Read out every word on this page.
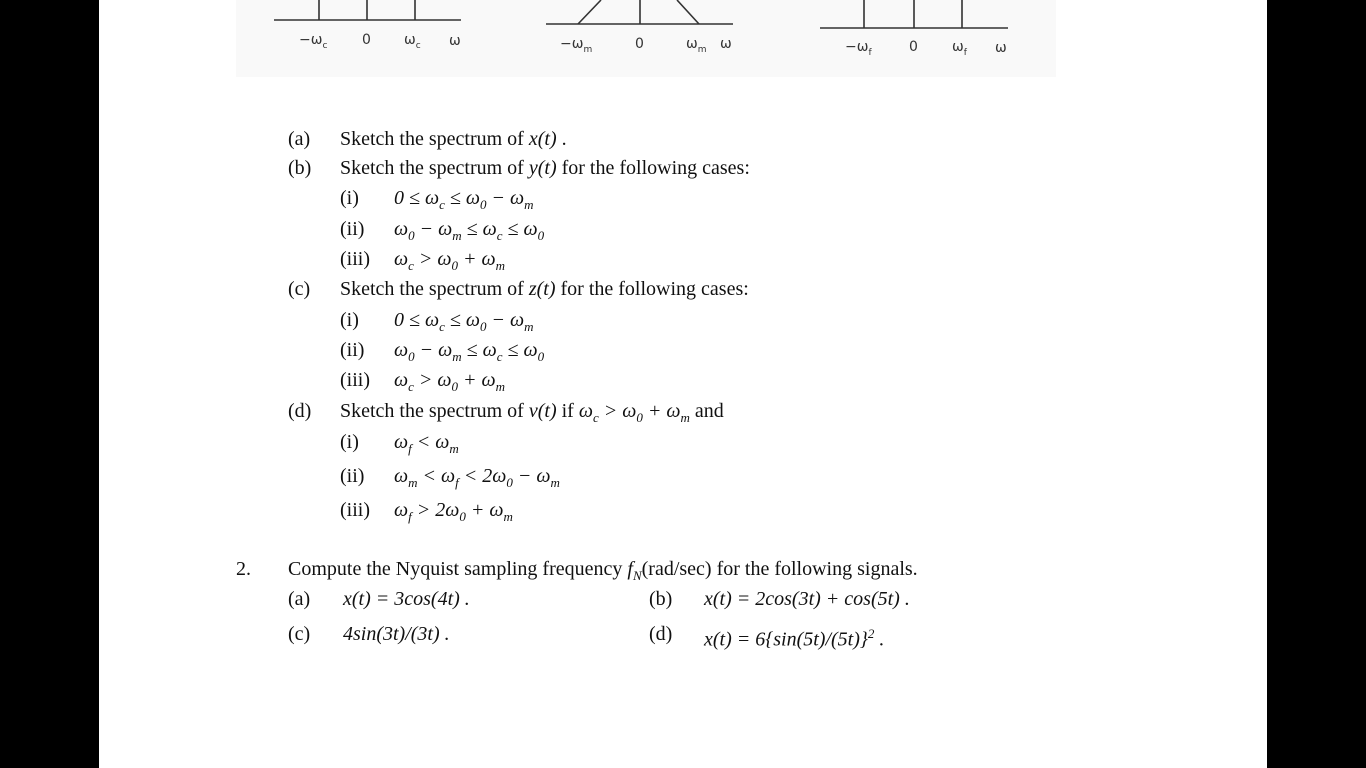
$-\omega_c$ 0 $\omega_c$ ω	$-\omega_m$	0	$\omega_m$ ω	$-\omega_f$	0 $\omega_f$ ω
(a) Sketch the spectrum of x(t) .
(b) Sketch the spectrum of y(t) for the following cases:
(i) $0 \le \omega_c \le \omega_0 - \omega_m$
(ii) $\omega_0 - \omega_m \le \omega_c \le \omega_0$
(iii) $\omega_c > \omega_0 + \omega_m$
(c) Sketch the spectrum of z(t) for the following cases:
(i) $0 \le \omega_c \le \omega_0 - \omega_m$
(ii) $\omega_0 - \omega_m \le \omega_c \le \omega_0$
(iii) $\omega_c > \omega_0 + \omega_m$
(d) Sketch the spectrum of v(t) if $\omega_c > \omega_0 + \omega_m$ and
(i) $\omega_f < \omega_m$
(ii) $\omega_m < \omega_f < 2\omega_0 - \omega_m$
(iii) $\omega_f > 2\omega_0 + \omega_m$
2. Compute the Nyquist sampling frequency $f_N(rad/\sec)$ for the following signals.
(a) x(t) = 3cos(4t) .	(b) x(t) = 2cos(3t) + cos(5t) .
(c) 4sin(3t)/(3t) .	(d) $x(t) = 6\{\sin(5t)/(5t)\}^2$ .
